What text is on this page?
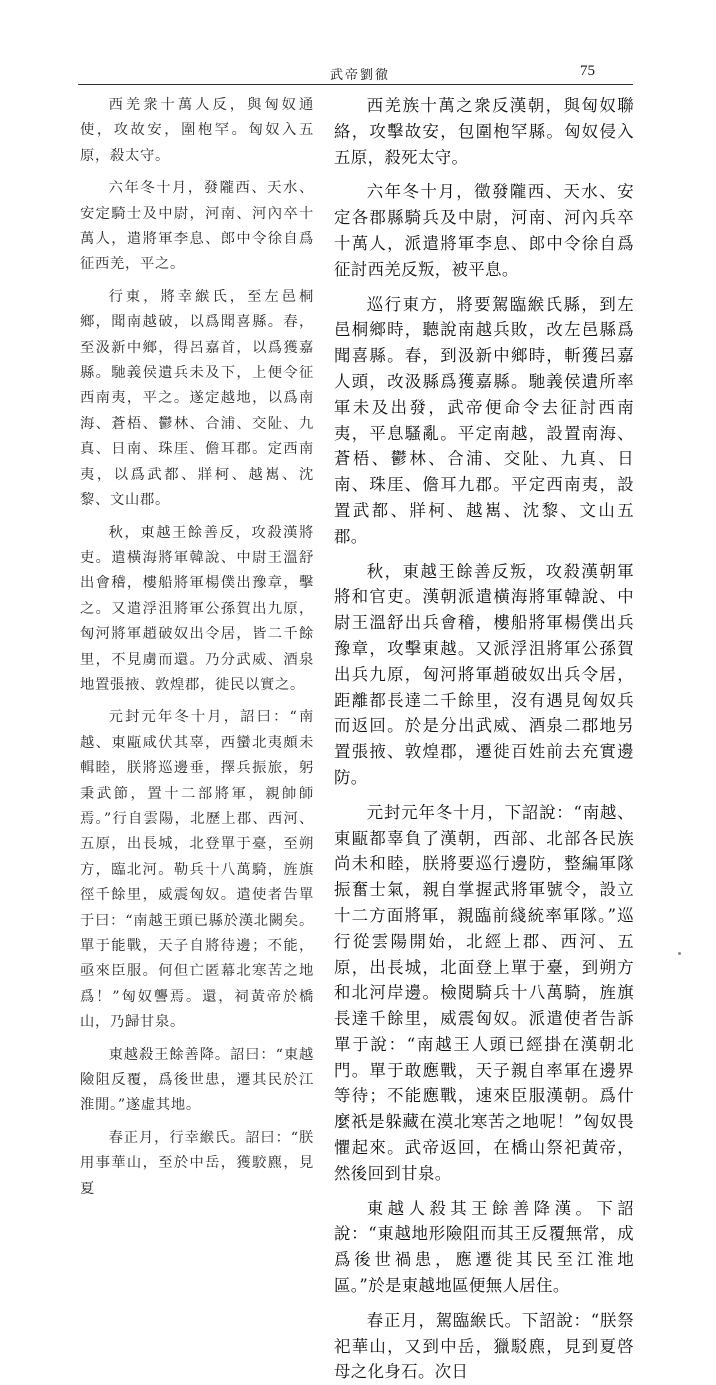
武帝劉徹	75

西羌衆十萬人反，與匈奴通使，攻故安，圍枹罕。匈奴入五原，殺太守。

六年冬十月，發隴西、天水、安定騎士及中尉，河南、河內卒十萬人，遣將軍李息、郎中令徐自爲征西羌，平之。

行東，將幸緱氏，至左邑桐鄉，聞南越破，以爲聞喜縣。春，至汲新中鄉，得呂嘉首，以爲獲嘉縣。馳義侯遺兵未及下，上便令征西南夷，平之。遂定越地，以爲南海、蒼梧、鬱林、合浦、交阯、九真、日南、珠厓、儋耳郡。定西南夷，以爲武都、牂柯、越嶲、沈黎、文山郡。

秋，東越王餘善反，攻殺漢將吏。遣橫海將軍韓說、中尉王溫舒出會稽，樓船將軍楊僕出豫章，擊之。又遣浮沮將軍公孫賀出九原，匈河將軍趙破奴出令居，皆二千餘里，不見虜而還。乃分武威、酒泉地置張掖、敦煌郡，徙民以實之。

元封元年冬十月，詔曰：“南越、東甌咸伏其辜，西蠻北夷頗未輯睦，朕將巡邊垂，擇兵振旅，躬秉武節，置十二部將軍，親帥師焉。”行自雲陽，北歷上郡、西河、五原，出長城，北登單于臺，至朔方，臨北河。勒兵十八萬騎，旌旗徑千餘里，威震匈奴。遣使者告單于曰：“南越王頭已縣於漢北闕矣。單于能戰，天子自將待邊；不能，亟來臣服。何但亡匿幕北寒苦之地爲！”匈奴讋焉。還，祠黃帝於橋山，乃歸甘泉。

東越殺王餘善降。詔曰：“東越險阻反覆，爲後世患，遷其民於江淮閒。”遂虛其地。

春正月，行幸緱氏。詔曰：“朕用事華山，至於中岳，獲駮麃，見夏

西羌族十萬之衆反漢朝，與匈奴聯絡，攻擊故安，包圍枹罕縣。匈奴侵入五原，殺死太守。

六年冬十月，徵發隴西、天水、安定各郡縣騎兵及中尉，河南、河內兵卒十萬人，派遣將軍李息、郎中令徐自爲征討西羌反叛，被平息。

巡行東方，將要駕臨緱氏縣，到左邑桐鄉時，聽說南越兵敗，改左邑縣爲聞喜縣。春，到汲新中鄉時，斬獲呂嘉人頭，改汲縣爲獲嘉縣。馳義侯遺所率軍未及出發，武帝便命令去征討西南夷，平息騷亂。平定南越，設置南海、蒼梧、鬱林、合浦、交阯、九真、日南、珠厓、儋耳九郡。平定西南夷，設置武都、牂柯、越嶲、沈黎、文山五郡。

秋，東越王餘善反叛，攻殺漢朝軍將和官吏。漢朝派遣橫海將軍韓說、中尉王溫舒出兵會稽，樓船將軍楊僕出兵豫章，攻擊東越。又派浮沮將軍公孫賀出兵九原，匈河將軍趙破奴出兵令居，距離都長達二千餘里，沒有遇見匈奴兵而返回。於是分出武威、酒泉二郡地另置張掖、敦煌郡，遷徙百姓前去充實邊防。

元封元年冬十月，下詔說：“南越、東甌都辜負了漢朝，西部、北部各民族尚未和睦，朕將要巡行邊防，整編軍隊振奮士氣，親自掌握武將軍號令，設立十二方面將軍，親臨前綫統率軍隊。”巡行從雲陽開始，北經上郡、西河、五原，出長城，北面登上單于臺，到朔方和北河岸邊。檢閱騎兵十八萬騎，旌旗長達千餘里，威震匈奴。派遣使者告訴單于說：“南越王人頭已經掛在漢朝北門。單于敢應戰，天子親自率軍在邊界等待；不能應戰，速來臣服漢朝。爲什麼祇是躲藏在漠北寒苦之地呢！”匈奴畏懼起來。武帝返回，在橋山祭祀黃帝，然後回到甘泉。

東越人殺其王餘善降漢。下詔說：“東越地形險阻而其王反覆無常，成爲後世禍患，應遷徙其民至江淮地區。”於是東越地區便無人居住。

春正月，駕臨緱氏。下詔說：“朕祭祀華山，又到中岳，獵駁麃，見到夏啓母之化身石。次日
